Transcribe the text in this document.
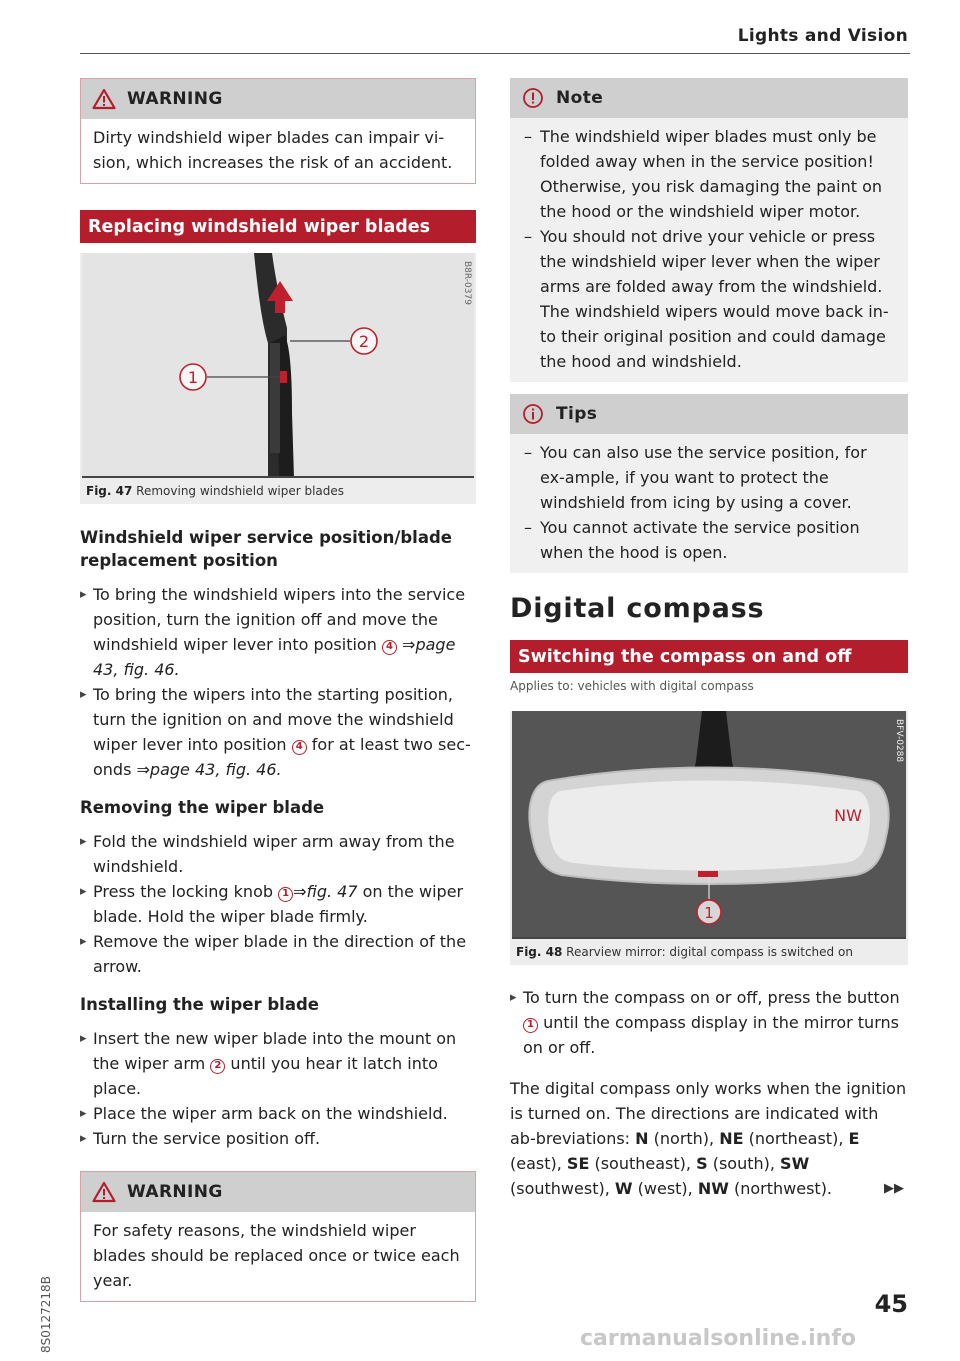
Lights and Vision
WARNING
Dirty windshield wiper blades can impair vi-sion, which increases the risk of an accident.
Replacing windshield wiper blades
2
1
B8R-0379
Fig. 47 Removing windshield wiper blades
Windshield wiper service position/blade replacement position
▸ To bring the windshield wipers into the service position, turn the ignition off and move the windshield wiper lever into position 4 ⇒page 43, fig. 46.
▸ To bring the wipers into the starting position, turn the ignition on and move the windshield wiper lever into position 4 for at least two sec-onds ⇒page 43, fig. 46.
Removing the wiper blade
▸ Fold the windshield wiper arm away from the windshield.
▸ Press the locking knob 1 ⇒fig. 47 on the wiper blade. Hold the wiper blade firmly.
▸ Remove the wiper blade in the direction of the arrow.
Installing the wiper blade
▸ Insert the new wiper blade into the mount on the wiper arm 2 until you hear it latch into place.
▸ Place the wiper arm back on the windshield.
▸ Turn the service position off.
WARNING
For safety reasons, the windshield wiper blades should be replaced once or twice each year.
Note
– The windshield wiper blades must only be folded away when in the service position! Otherwise, you risk damaging the paint on the hood or the windshield wiper motor.
– You should not drive your vehicle or press the windshield wiper lever when the wiper arms are folded away from the windshield. The windshield wipers would move back in-to their original position and could damage the hood and windshield.
Tips
– You can also use the service position, for ex-ample, if you want to protect the windshield from icing by using a cover.
– You cannot activate the service position when the hood is open.
Digital compass
Switching the compass on and off
Applies to: vehicles with digital compass
NW
1
BFV-0288
Fig. 48 Rearview mirror: digital compass is switched on
▸ To turn the compass on or off, press the button 1 until the compass display in the mirror turns on or off.

The digital compass only works when the ignition is turned on. The directions are indicated with ab-breviations: N (north), NE (northeast), E (east), SE (southeast), S (south), SW (southwest), W (west), NW (northwest).	▶▶

8S0127218B	45
carmanualsonline.info
